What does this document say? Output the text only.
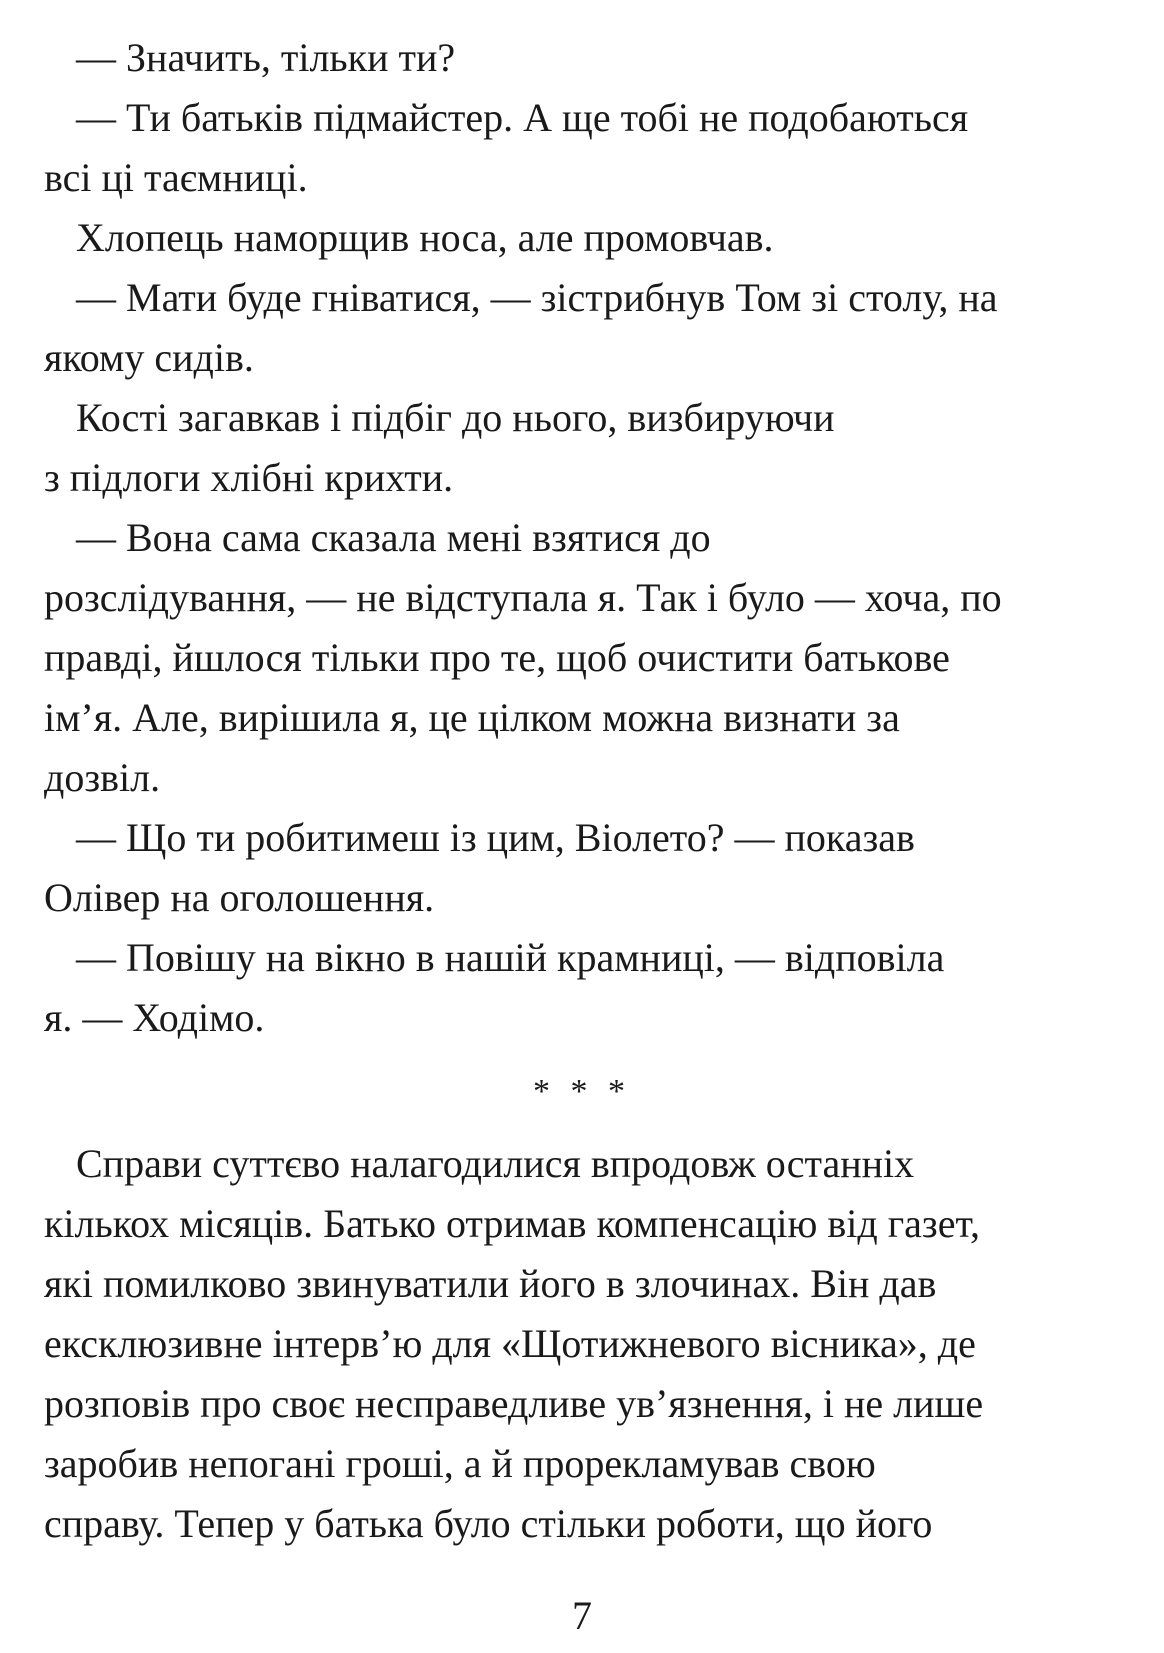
— Значить, тільки ти?
— Ти батьків підмайстер. А ще тобі не подобаються
всі ці таємниці.
Хлопець наморщив носа, але промовчав.
— Мати буде гніватися, — зістрибнув Том зі столу, на
якому сидів.
Кості загавкав і підбіг до нього, визбируючи
з підлоги хлібні крихти.
— Вона сама сказала мені взятися до
розслідування, — не відступала я. Так і було — хоча, по
правді, йшлося тільки про те, щоб очистити батькове
ім’я. Але, вирішила я, це цілком можна визнати за
дозвіл.
— Що ти робитимеш із цим, Віолето? — показав
Олівер на оголошення.
— Повішу на вікно в нашій крамниці, — відповіла
я. — Ходімо.
* * *
Справи суттєво налагодилися впродовж останніх
кількох місяців. Батько отримав компенсацію від газет,
які помилково звинуватили його в злочинах. Він дав
ексклюзивне інтерв’ю для «Щотижневого вісника», де
розповів про своє несправедливе ув’язнення, і не лише
заробив непогані гроші, а й прорекламував свою
справу. Тепер у батька було стільки роботи, що його
7
